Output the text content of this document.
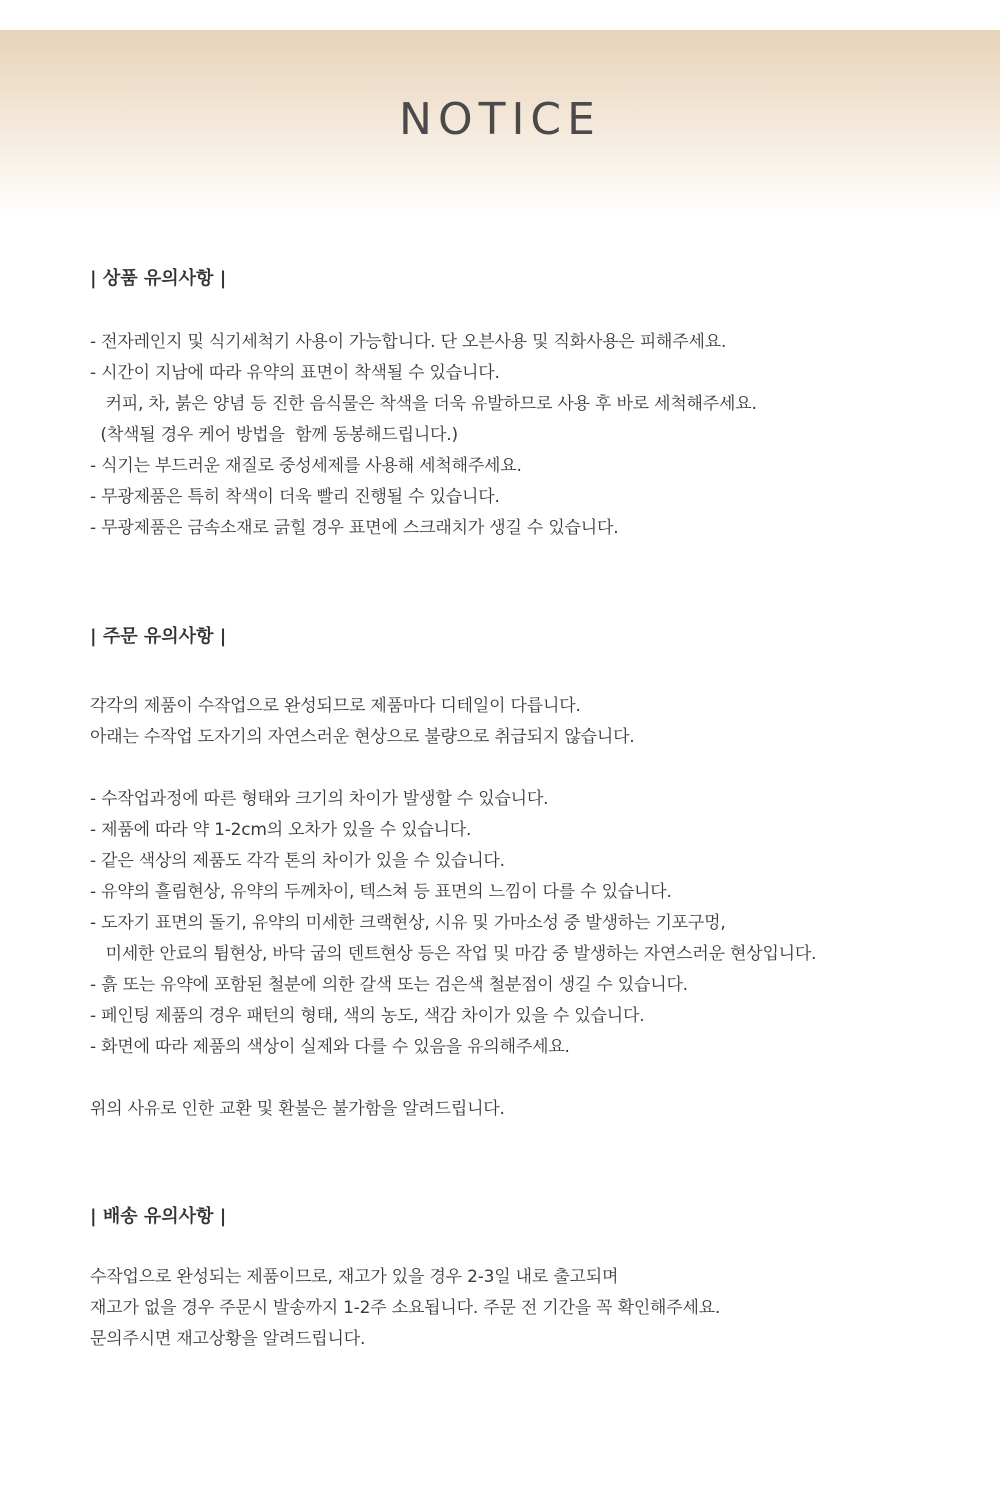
NOTICE
| 상품 유의사항 |
- 전자레인지 및 식기세척기 사용이 가능합니다. 단 오븐사용 및 직화사용은 피해주세요.
- 시간이 지남에 따라 유약의 표면이 착색될 수 있습니다.
커피, 차, 붉은 양념 등 진한 음식물은 착색을 더욱 유발하므로 사용 후 바로 세척해주세요.
(착색될 경우 케어 방법을  함께 동봉해드립니다.)
- 식기는 부드러운 재질로 중성세제를 사용해 세척해주세요.
- 무광제품은 특히 착색이 더욱 빨리 진행될 수 있습니다.
- 무광제품은 금속소재로 긁힐 경우 표면에 스크래치가 생길 수 있습니다.
| 주문 유의사항 |
각각의 제품이 수작업으로 완성되므로 제품마다 디테일이 다릅니다.
아래는 수작업 도자기의 자연스러운 현상으로 불량으로 취급되지 않습니다.
- 수작업과정에 따른 형태와 크기의 차이가 발생할 수 있습니다.
- 제품에 따라 약 1-2cm의 오차가 있을 수 있습니다.
- 같은 색상의 제품도 각각 톤의 차이가 있을 수 있습니다.
- 유약의 흘림현상, 유약의 두께차이, 텍스쳐 등 표면의 느낌이 다를 수 있습니다.
- 도자기 표면의 돌기, 유약의 미세한 크랙현상, 시유 및 가마소성 중 발생하는 기포구멍,
미세한 안료의 튐현상, 바닥 굽의 덴트현상 등은 작업 및 마감 중 발생하는 자연스러운 현상입니다.
- 흙 또는 유약에 포함된 철분에 의한 갈색 또는 검은색 철분점이 생길 수 있습니다.
- 페인팅 제품의 경우 패턴의 형태, 색의 농도, 색감 차이가 있을 수 있습니다.
- 화면에 따라 제품의 색상이 실제와 다를 수 있음을 유의해주세요.
위의 사유로 인한 교환 및 환불은 불가함을 알려드립니다.
| 배송 유의사항 |
수작업으로 완성되는 제품이므로, 재고가 있을 경우 2-3일 내로 출고되며
재고가 없을 경우 주문시 발송까지 1-2주 소요됩니다. 주문 전 기간을 꼭 확인해주세요.
문의주시면 재고상황을 알려드립니다.
